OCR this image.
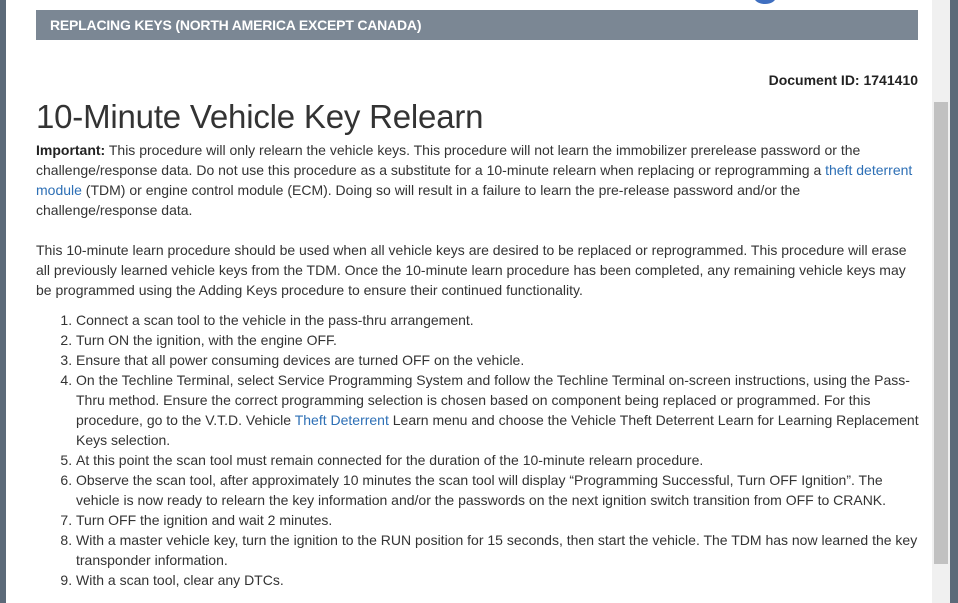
REPLACING KEYS (NORTH AMERICA EXCEPT CANADA)
Document ID: 1741410
10-Minute Vehicle Key Relearn

Important: This procedure will only relearn the vehicle keys. This procedure will not learn the immobilizer prerelease password or the challenge/response data. Do not use this procedure as a substitute for a 10-minute relearn when replacing or reprogramming a theft deterrent module (TDM) or engine control module (ECM). Doing so will result in a failure to learn the pre-release password and/or the challenge/response data.

This 10-minute learn procedure should be used when all vehicle keys are desired to be replaced or reprogrammed. This procedure will erase all previously learned vehicle keys from the TDM. Once the 10-minute learn procedure has been completed, any remaining vehicle keys may be programmed using the Adding Keys procedure to ensure their continued functionality.

1. Connect a scan tool to the vehicle in the pass-thru arrangement.
2. Turn ON the ignition, with the engine OFF.
3. Ensure that all power consuming devices are turned OFF on the vehicle.
4. On the Techline Terminal, select Service Programming System and follow the Techline Terminal on-screen instructions, using the Pass-Thru method. Ensure the correct programming selection is chosen based on component being replaced or programmed. For this procedure, go to the V.T.D. Vehicle Theft Deterrent Learn menu and choose the Vehicle Theft Deterrent Learn for Learning Replacement Keys selection.
5. At this point the scan tool must remain connected for the duration of the 10-minute relearn procedure.
6. Observe the scan tool, after approximately 10 minutes the scan tool will display “Programming Successful, Turn OFF Ignition”. The vehicle is now ready to relearn the key information and/or the passwords on the next ignition switch transition from OFF to CRANK.
7. Turn OFF the ignition and wait 2 minutes.
8. With a master vehicle key, turn the ignition to the RUN position for 15 seconds, then start the vehicle. The TDM has now learned the key transponder information.
9. With a scan tool, clear any DTCs.
